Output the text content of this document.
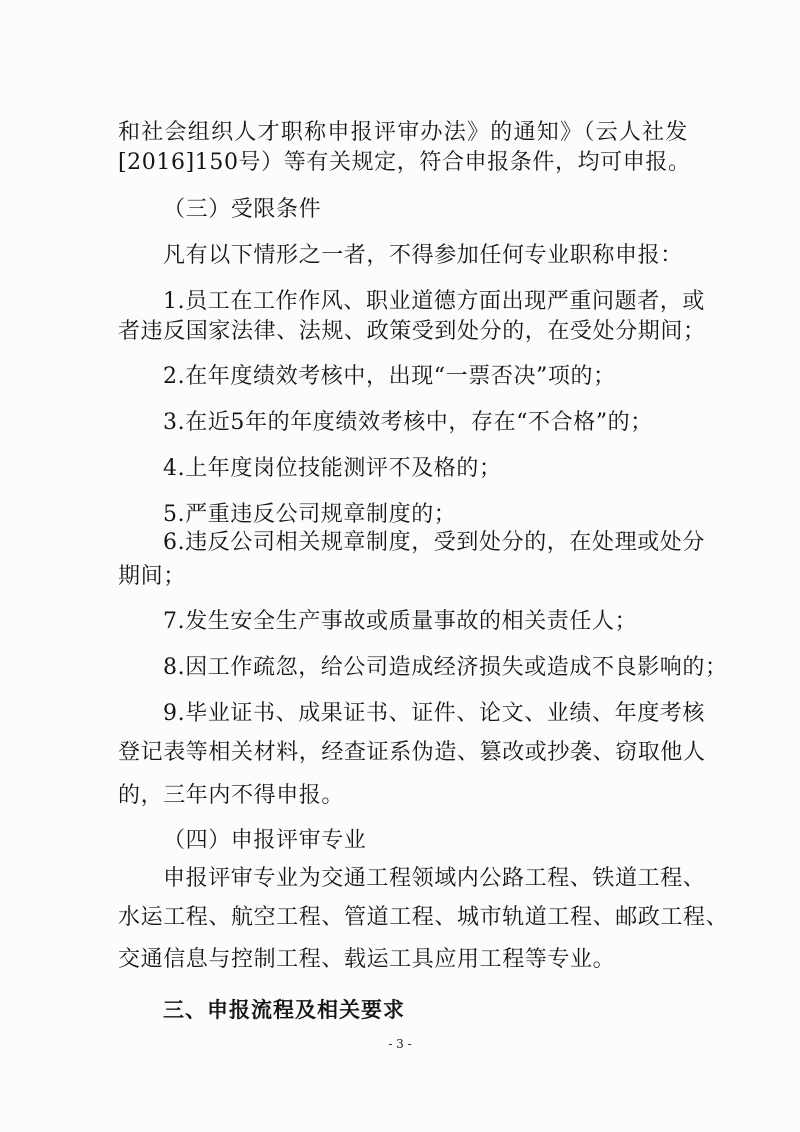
和社会组织人才职称申报评审办法》的通知》（云人社发
[2016]150号）等有关规定，符合申报条件，均可申报。
（三）受限条件
凡有以下情形之一者，不得参加任何专业职称申报：
1.员工在工作作风、职业道德方面出现严重问题者，或
者违反国家法律、法规、政策受到处分的，在受处分期间；
2.在年度绩效考核中，出现“一票否决”项的；
3.在近5年的年度绩效考核中，存在“不合格”的；
4.上年度岗位技能测评不及格的；
5.严重违反公司规章制度的；
6.违反公司相关规章制度，受到处分的，在处理或处分
期间；
7.发生安全生产事故或质量事故的相关责任人；
8.因工作疏忽，给公司造成经济损失或造成不良影响的；
9.毕业证书、成果证书、证件、论文、业绩、年度考核
登记表等相关材料，经查证系伪造、篡改或抄袭、窃取他人
的，三年内不得申报。
（四）申报评审专业
申报评审专业为交通工程领域内公路工程、铁道工程、
水运工程、航空工程、管道工程、城市轨道工程、邮政工程、
交通信息与控制工程、载运工具应用工程等专业。
三、申报流程及相关要求
- 3 -
